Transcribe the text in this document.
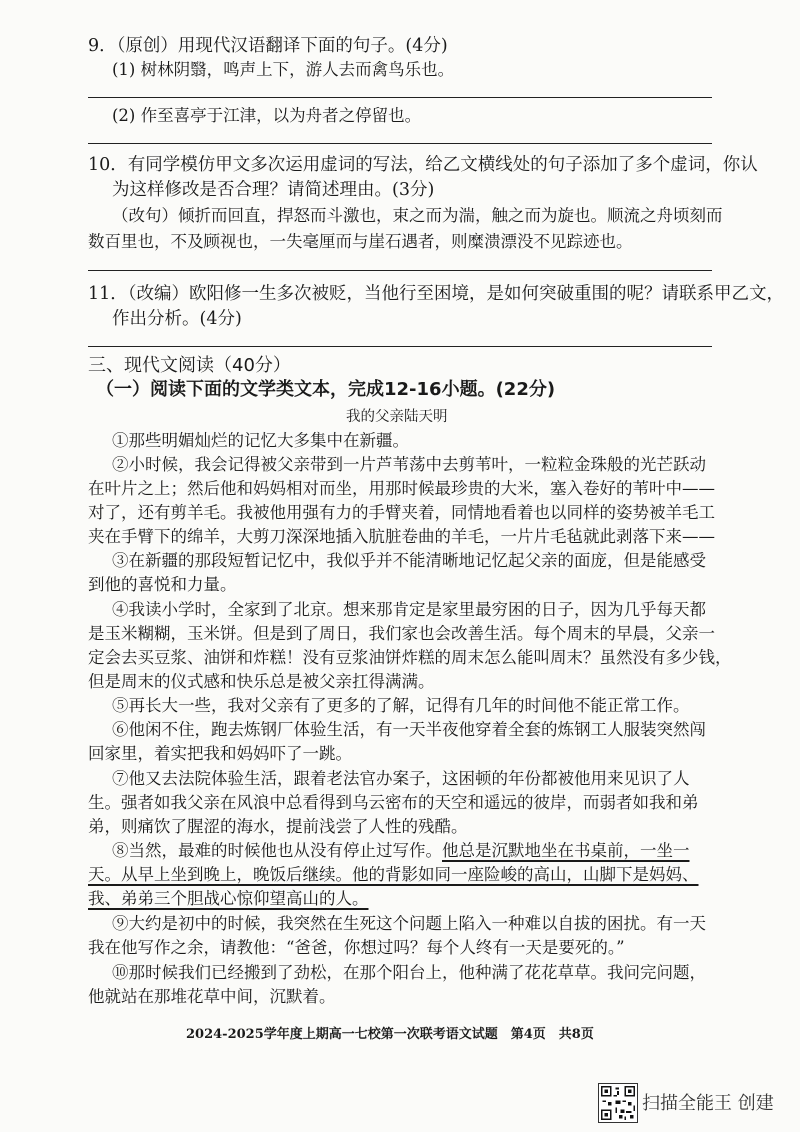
9．（原创）用现代汉语翻译下面的句子。(4分)
(1) 树林阴翳，鸣声上下，游人去而禽鸟乐也。
(2) 作至喜亭于江津，以为舟者之停留也。
10．有同学模仿甲文多次运用虚词的写法，给乙文横线处的句子添加了多个虚词，你认
为这样修改是否合理？请简述理由。(3分)
（改句）倾折而回直，捍怒而斗激也，束之而为湍，触之而为旋也。顺流之舟顷刻而
数百里也，不及顾视也，一失毫厘而与崖石遇者，则糜溃漂没不见踪迹也。
11．（改编）欧阳修一生多次被贬，当他行至困境，是如何突破重围的呢？请联系甲乙文，
作出分析。(4分)
三、现代文阅读（40分）
（一）阅读下面的文学类文本，完成12-16小题。(22分)
我的父亲陆天明
①那些明媚灿烂的记忆大多集中在新疆。
②小时候，我会记得被父亲带到一片芦苇荡中去剪苇叶，一粒粒金珠般的光芒跃动
在叶片之上；然后他和妈妈相对而坐，用那时候最珍贵的大米，塞入卷好的苇叶中——
对了，还有剪羊毛。我被他用强有力的手臂夹着，同情地看着也以同样的姿势被羊毛工
夹在手臂下的绵羊，大剪刀深深地插入肮脏卷曲的羊毛，一片片毛毡就此剥落下来——
③在新疆的那段短暂记忆中，我似乎并不能清晰地记忆起父亲的面庞，但是能感受
到他的喜悦和力量。
④我读小学时，全家到了北京。想来那肯定是家里最穷困的日子，因为几乎每天都
是玉米糊糊，玉米饼。但是到了周日，我们家也会改善生活。每个周末的早晨，父亲一
定会去买豆浆、油饼和炸糕！没有豆浆油饼炸糕的周末怎么能叫周末？虽然没有多少钱，
但是周末的仪式感和快乐总是被父亲扛得满满。
⑤再长大一些，我对父亲有了更多的了解，记得有几年的时间他不能正常工作。
⑥他闲不住，跑去炼钢厂体验生活，有一天半夜他穿着全套的炼钢工人服装突然闯
回家里，着实把我和妈妈吓了一跳。
⑦他又去法院体验生活，跟着老法官办案子，这困顿的年份都被他用来见识了人
生。强者如我父亲在风浪中总看得到乌云密布的天空和遥远的彼岸，而弱者如我和弟
弟，则痛饮了腥涩的海水，提前浅尝了人性的残酷。
⑧当然，最难的时候他也从没有停止过写作。他总是沉默地坐在书桌前，一坐一
天。从早上坐到晚上，晚饭后继续。他的背影如同一座险峻的高山，山脚下是妈妈、
我、弟弟三个胆战心惊仰望高山的人。
⑨大约是初中的时候，我突然在生死这个问题上陷入一种难以自拔的困扰。有一天
我在他写作之余，请教他：“爸爸，你想过吗？每个人终有一天是要死的。”
⑩那时候我们已经搬到了劲松，在那个阳台上，他种满了花花草草。我问完问题，
他就站在那堆花草中间，沉默着。
2024-2025学年度上期高一七校第一次联考语文试题　第4页　共8页
扫描全能王 创建
